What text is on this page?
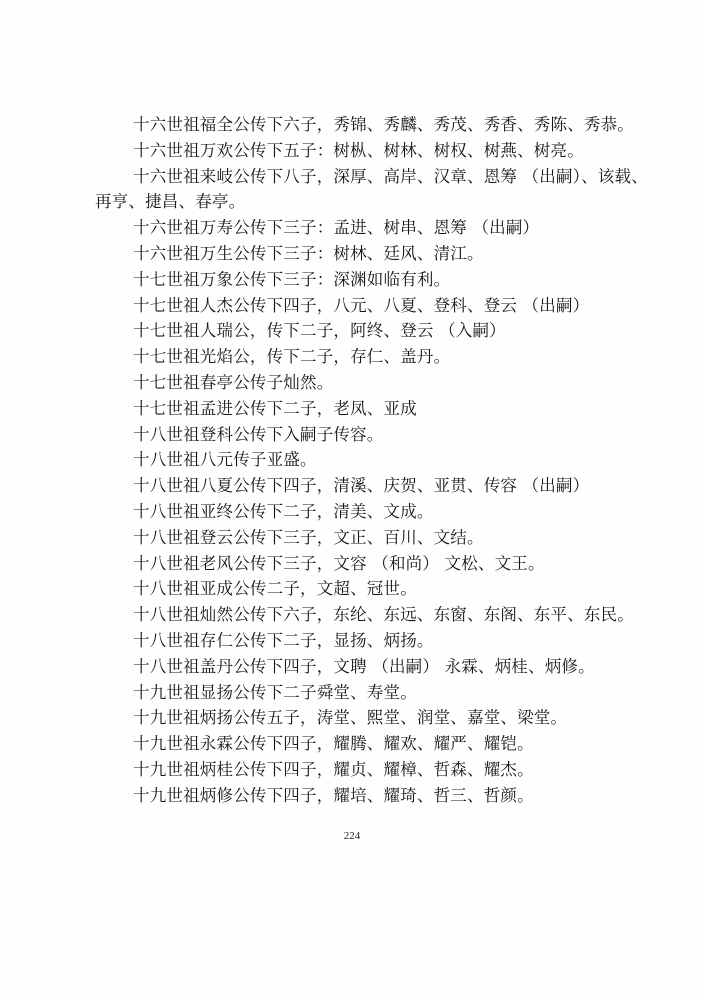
十六世祖福全公传下六子，秀锦、秀麟、秀茂、秀香、秀陈、秀恭。
十六世祖万欢公传下五子：树枞、树林、树权、树燕、树亮。
十六世祖来岐公传下八子，深厚、高岸、汉章、恩筹 （出嗣）、该载、
再亨、捷昌、春亭。
十六世祖万寿公传下三子：孟进、树串、恩筹 （出嗣）
十六世祖万生公传下三子：树林、廷风、清江。
十七世祖万象公传下三子：深渊如临有利。
十七世祖人杰公传下四子，八元、八夏、登科、登云 （出嗣）
十七世祖人瑞公，传下二子，阿终、登云 （入嗣）
十七世祖光焰公，传下二子，存仁、盖丹。
十七世祖春亭公传子灿然。
十七世祖孟进公传下二子，老凤、亚成
十八世祖登科公传下入嗣子传容。
十八世祖八元传子亚盛。
十八世祖八夏公传下四子，清溪、庆贺、亚贯、传容 （出嗣）
十八世祖亚终公传下二子，清美、文成。
十八世祖登云公传下三子，文正、百川、文结。
十八世祖老风公传下三子，文容 （和尚） 文松、文王。
十八世祖亚成公传二子，文超、冠世。
十八世祖灿然公传下六子，东纶、东远、东窗、东阁、东平、东民。
十八世祖存仁公传下二子，显扬、炳扬。
十八世祖盖丹公传下四子，文聘 （出嗣） 永霖、炳桂、炳修。
十九世祖显扬公传下二子舜堂、寿堂。
十九世祖炳扬公传五子，涛堂、熙堂、润堂、嘉堂、梁堂。
十九世祖永霖公传下四子，耀腾、耀欢、耀严、耀铠。
十九世祖炳桂公传下四子，耀贞、耀樟、哲森、耀杰。
十九世祖炳修公传下四子，耀培、耀琦、哲三、哲颜。
224
